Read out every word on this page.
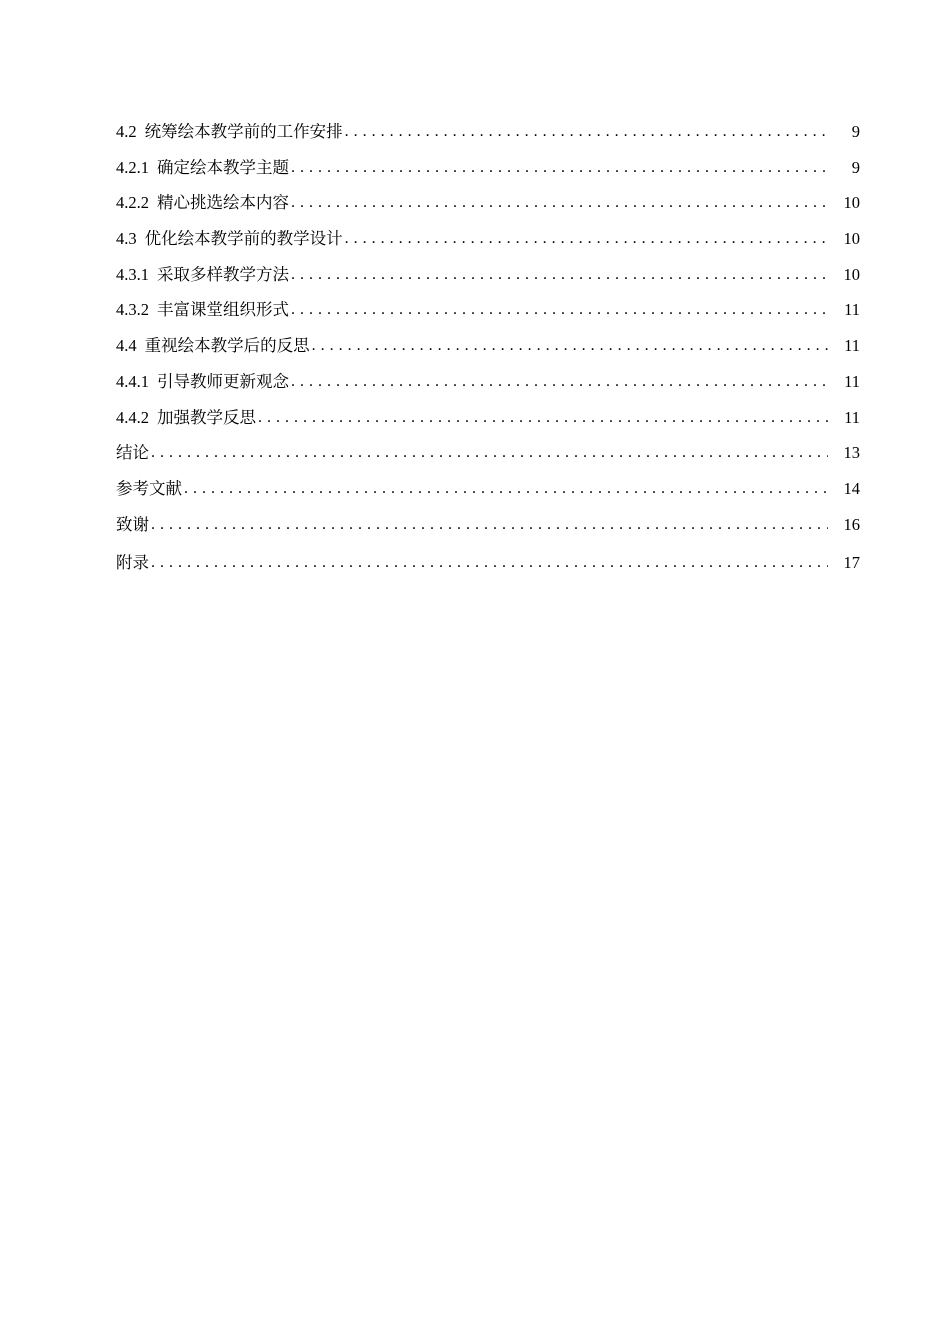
4.2 统筹绘本教学前的工作安排 . . .	9
4.2.1 确定绘本教学主题 . . .	9
4.2.2 精心挑选绘本内容 . . .	10
4.3 优化绘本教学前的教学设计 . . .	10
4.3.1 采取多样教学方法 . . .	10
4.3.2 丰富课堂组织形式 . . .	11
4.4 重视绘本教学后的反思 . . .	11
4.4.1 引导教师更新观念 . . .	11
4.4.2 加强教学反思 . . .	11
结论 . . .	13
参考文献 . . .	14
致谢 . . .	16
附录 . . .	17
